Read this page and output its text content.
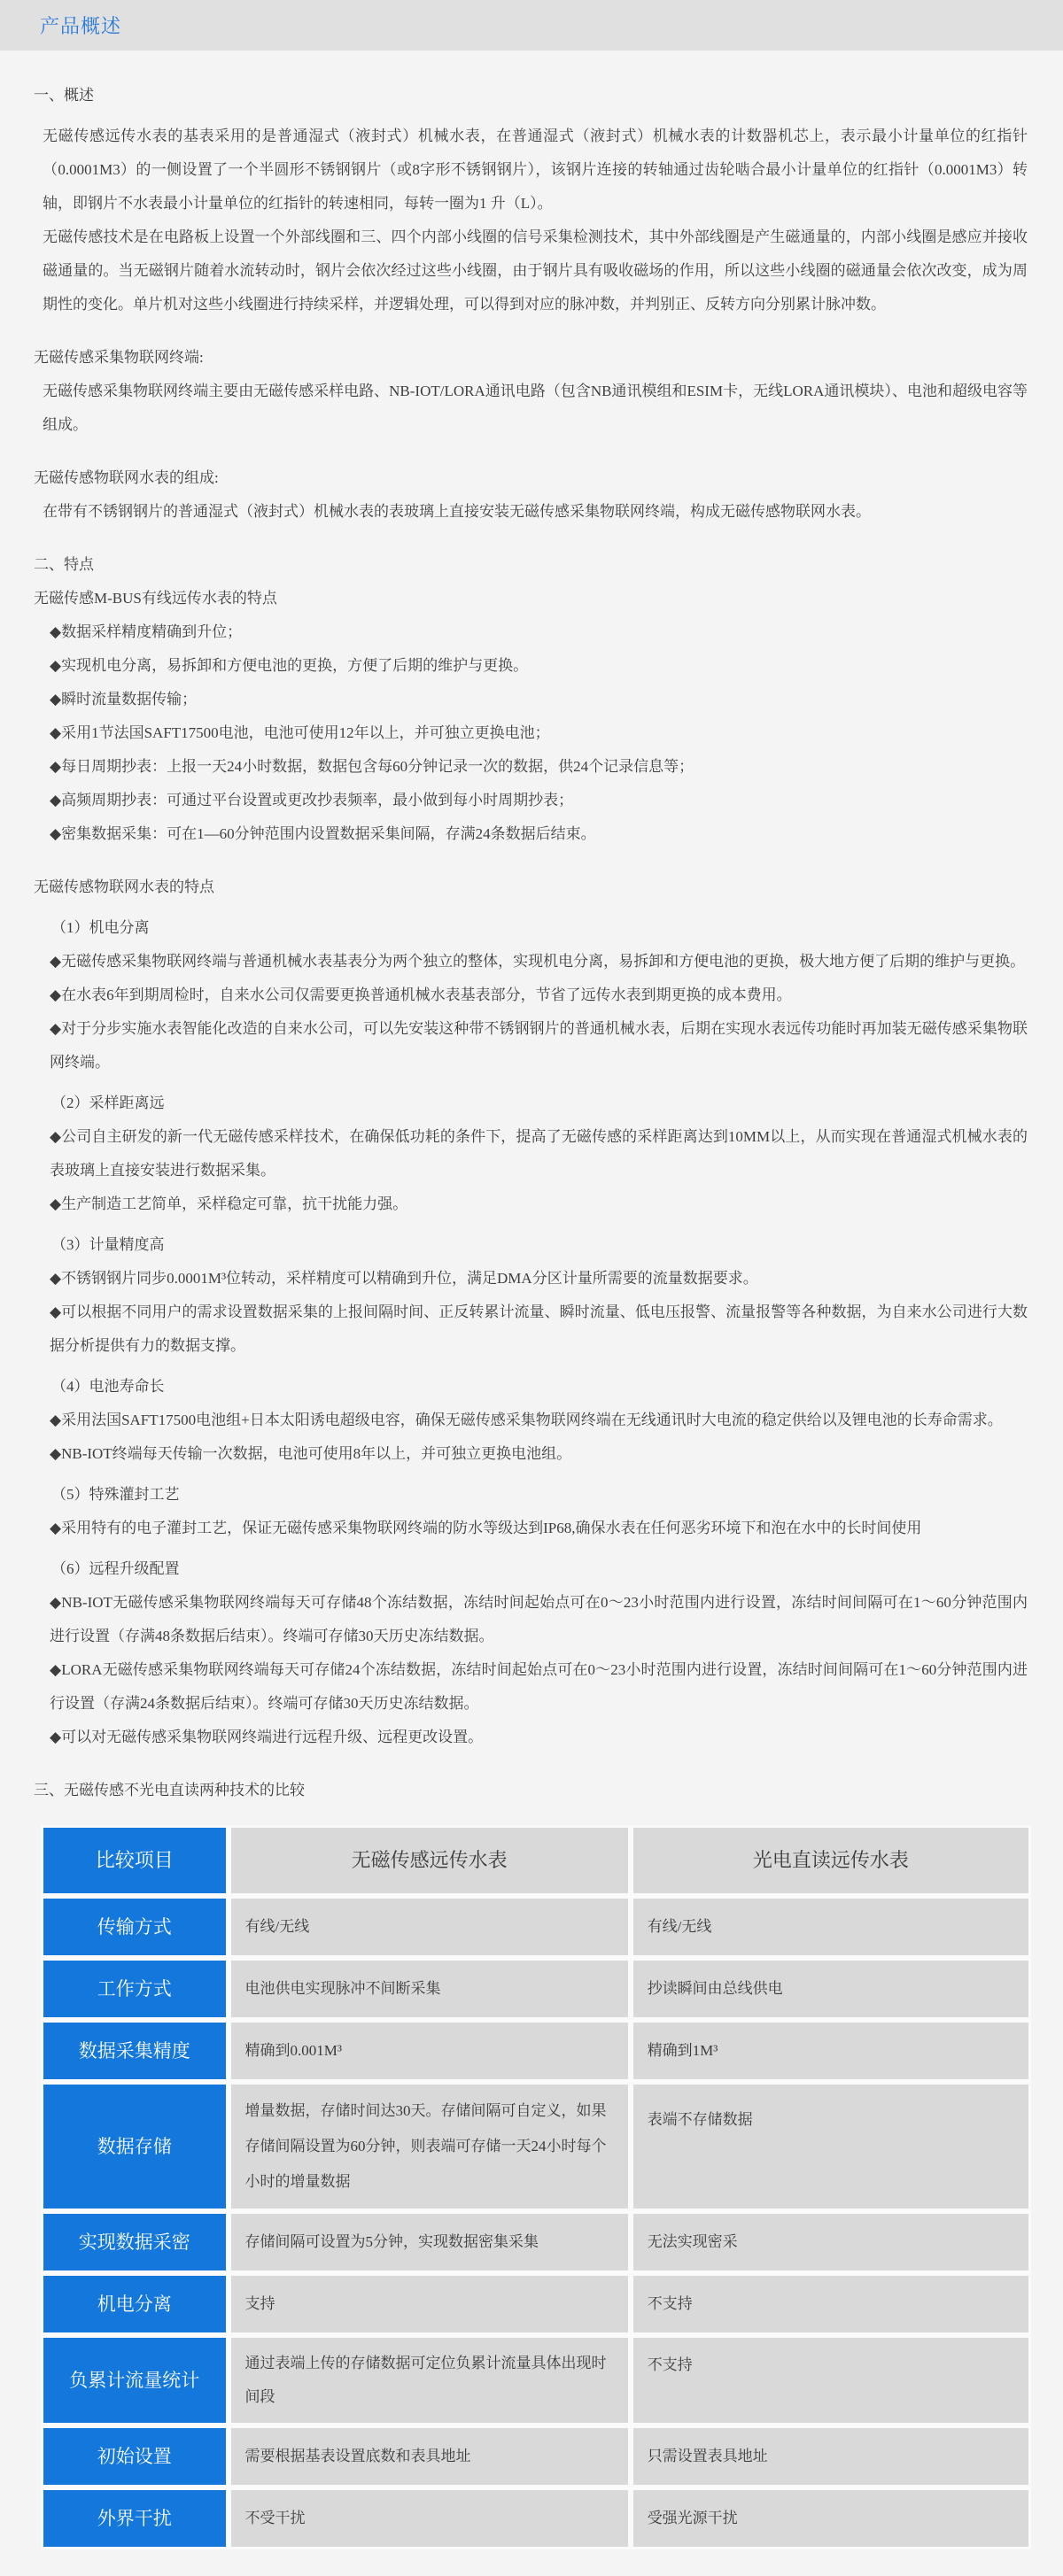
产品概述
一、概述
无磁传感远传水表的基表采用的是普通湿式（液封式）机械水表，在普通湿式（液封式）机械水表的计数器机芯上，表示最小计量单位的红指针（0.0001M3）的一侧设置了一个半圆形不锈钢钢片（或8字形不锈钢钢片），该钢片连接的转轴通过齿轮啮合最小计量单位的红指针（0.0001M3）转轴，即钢片不水表最小计量单位的红指针的转速相同，每转一圈为1 升（L）。
无磁传感技术是在电路板上设置一个外部线圈和三、四个内部小线圈的信号采集检测技术，其中外部线圈是产生磁通量的，内部小线圈是感应并接收磁通量的。当无磁钢片随着水流转动时，钢片会依次经过这些小线圈，由于钢片具有吸收磁场的作用，所以这些小线圈的磁通量会依次改变，成为周期性的变化。单片机对这些小线圈进行持续采样，并逻辑处理，可以得到对应的脉冲数，并判别正、反转方向分别累计脉冲数。
无磁传感采集物联网终端:
无磁传感采集物联网终端主要由无磁传感采样电路、NB-IOT/LORA通讯电路（包含NB通讯模组和ESIM卡，无线LORA通讯模块）、电池和超级电容等组成。
无磁传感物联网水表的组成:
在带有不锈钢钢片的普通湿式（液封式）机械水表的表玻璃上直接安装无磁传感采集物联网终端，构成无磁传感物联网水表。
二、特点
无磁传感M-BUS有线远传水表的特点
◆数据采样精度精确到升位；
◆实现机电分离，易拆卸和方便电池的更换，方便了后期的维护与更换。
◆瞬时流量数据传输；
◆采用1节法国SAFT17500电池，电池可使用12年以上，并可独立更换电池；
◆每日周期抄表：上报一天24小时数据，数据包含每60分钟记录一次的数据，供24个记录信息等；
◆高频周期抄表：可通过平台设置或更改抄表频率，最小做到每小时周期抄表；
◆密集数据采集：可在1—60分钟范围内设置数据采集间隔，存满24条数据后结束。
无磁传感物联网水表的特点
（1）机电分离
◆无磁传感采集物联网终端与普通机械水表基表分为两个独立的整体，实现机电分离，易拆卸和方便电池的更换，极大地方便了后期的维护与更换。
◆在水表6年到期周检时，自来水公司仅需要更换普通机械水表基表部分，节省了远传水表到期更换的成本费用。
◆对于分步实施水表智能化改造的自来水公司，可以先安装这种带不锈钢钢片的普通机械水表，后期在实现水表远传功能时再加装无磁传感采集物联网终端。
（2）采样距离远
◆公司自主研发的新一代无磁传感采样技术，在确保低功耗的条件下，提高了无磁传感的采样距离达到10MM以上，从而实现在普通湿式机械水表的表玻璃上直接安装进行数据采集。
◆生产制造工艺简单，采样稳定可靠，抗干扰能力强。
（3）计量精度高
◆不锈钢钢片同步0.0001M³位转动，采样精度可以精确到升位，满足DMA分区计量所需要的流量数据要求。
◆可以根据不同用户的需求设置数据采集的上报间隔时间、正反转累计流量、瞬时流量、低电压报警、流量报警等各种数据，为自来水公司进行大数据分析提供有力的数据支撑。
（4）电池寿命长
◆采用法国SAFT17500电池组+日本太阳诱电超级电容，确保无磁传感采集物联网终端在无线通讯时大电流的稳定供给以及锂电池的长寿命需求。
◆NB-IOT终端每天传输一次数据，电池可使用8年以上，并可独立更换电池组。
（5）特殊灌封工艺
◆采用特有的电子灌封工艺，保证无磁传感采集物联网终端的防水等级达到IP68,确保水表在任何恶劣环境下和泡在水中的长时间使用
（6）远程升级配置
◆NB-IOT无磁传感采集物联网终端每天可存储48个冻结数据，冻结时间起始点可在0～23小时范围内进行设置，冻结时间间隔可在1～60分钟范围内进行设置（存满48条数据后结束）。终端可存储30天历史冻结数据。
◆LORA无磁传感采集物联网终端每天可存储24个冻结数据，冻结时间起始点可在0～23小时范围内进行设置，冻结时间间隔可在1～60分钟范围内进行设置（存满24条数据后结束）。终端可存储30天历史冻结数据。
◆可以对无磁传感采集物联网终端进行远程升级、远程更改设置。
三、无磁传感不光电直读两种技术的比较
比较项目	无磁传感远传水表	光电直读远传水表
传输方式	有线/无线	有线/无线
工作方式	电池供电实现脉冲不间断采集	抄读瞬间由总线供电
数据采集精度	精确到0.001M³	精确到1M³
数据存储	增量数据，存储时间达30天。存储间隔可自定义，如果存储间隔设置为60分钟，则表端可存储一天24小时每个小时的增量数据	表端不存储数据
实现数据采密	存储间隔可设置为5分钟，实现数据密集采集	无法实现密采
机电分离	支持	不支持
负累计流量统计	通过表端上传的存储数据可定位负累计流量具体出现时间段	不支持
初始设置	需要根据基表设置底数和表具地址	只需设置表具地址
外界干扰	不受干扰	受强光源干扰
